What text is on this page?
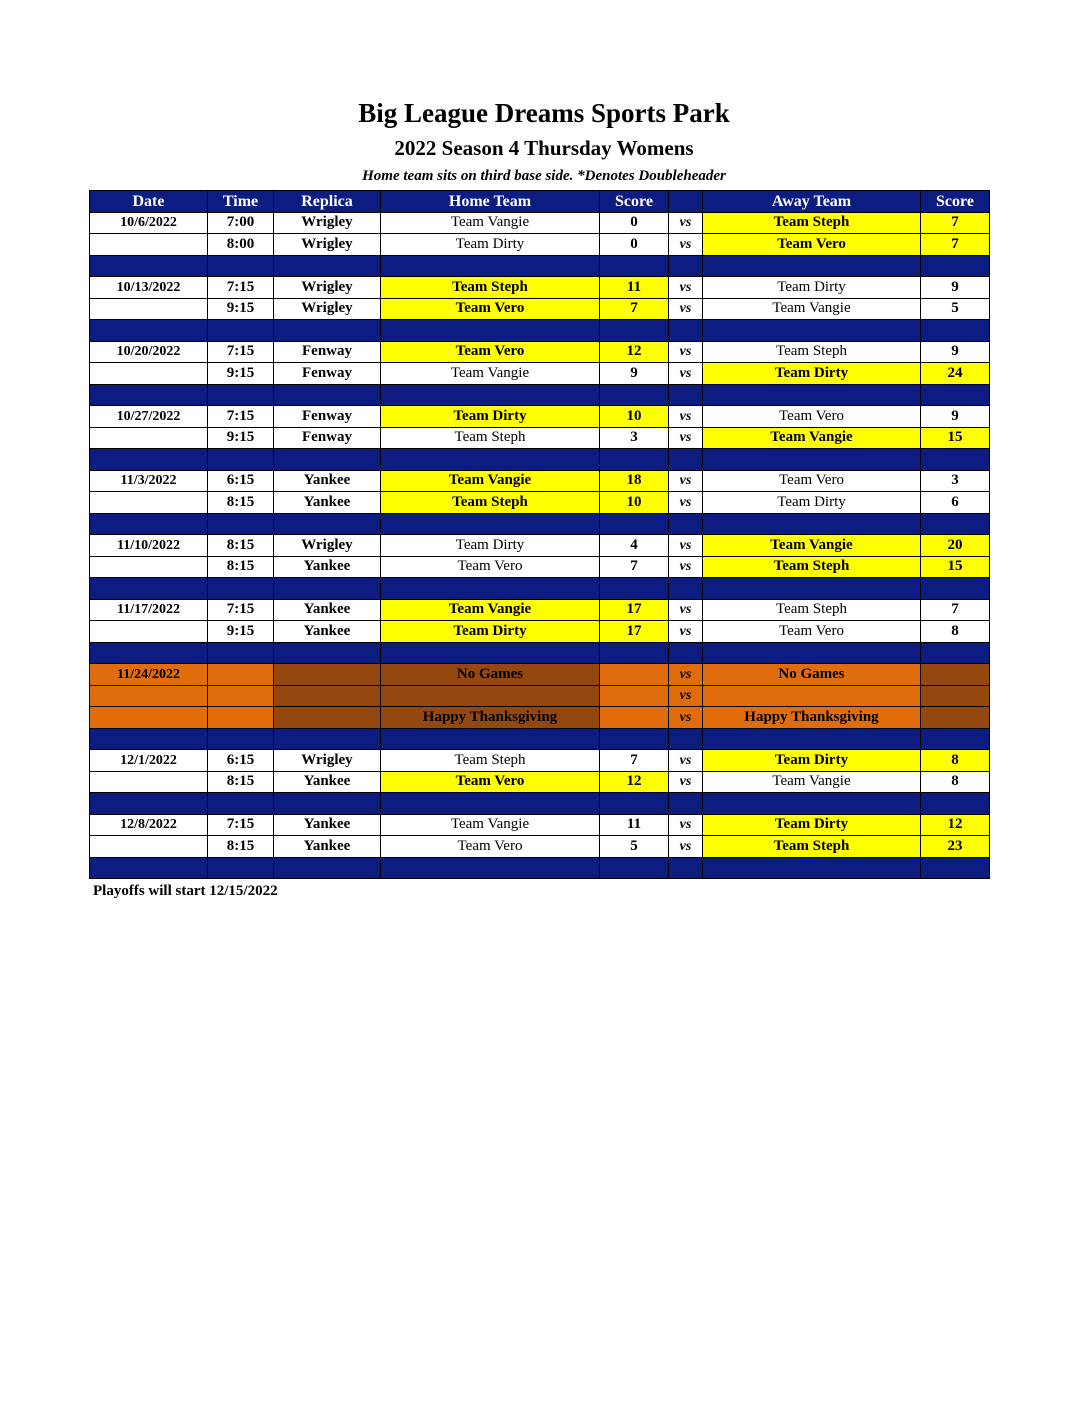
Big League Dreams Sports Park
2022 Season 4 Thursday Womens
Home team sits on third base side. *Denotes Doubleheader
Date	Time	Replica	Home Team	Score		Away Team	Score
10/6/2022	7:00	Wrigley	Team Vangie	0	vs	Team Steph	7
	8:00	Wrigley	Team Dirty	0	vs	Team Vero	7

10/13/2022	7:15	Wrigley	Team Steph	11	vs	Team Dirty	9
	9:15	Wrigley	Team Vero	7	vs	Team Vangie	5

10/20/2022	7:15	Fenway	Team Vero	12	vs	Team Steph	9
	9:15	Fenway	Team Vangie	9	vs	Team Dirty	24

10/27/2022	7:15	Fenway	Team Dirty	10	vs	Team Vero	9
	9:15	Fenway	Team Steph	3	vs	Team Vangie	15

11/3/2022	6:15	Yankee	Team Vangie	18	vs	Team Vero	3
	8:15	Yankee	Team Steph	10	vs	Team Dirty	6

11/10/2022	8:15	Wrigley	Team Dirty	4	vs	Team Vangie	20
	8:15	Yankee	Team Vero	7	vs	Team Steph	15

11/17/2022	7:15	Yankee	Team Vangie	17	vs	Team Steph	7
	9:15	Yankee	Team Dirty	17	vs	Team Vero	8

11/24/2022			No Games		vs	No Games	
					vs		
			Happy Thanksgiving		vs	Happy Thanksgiving	

12/1/2022	6:15	Wrigley	Team Steph	7	vs	Team Dirty	8
	8:15	Yankee	Team Vero	12	vs	Team Vangie	8

12/8/2022	7:15	Yankee	Team Vangie	11	vs	Team Dirty	12
	8:15	Yankee	Team Vero	5	vs	Team Steph	23

Playoffs will start 12/15/2022
